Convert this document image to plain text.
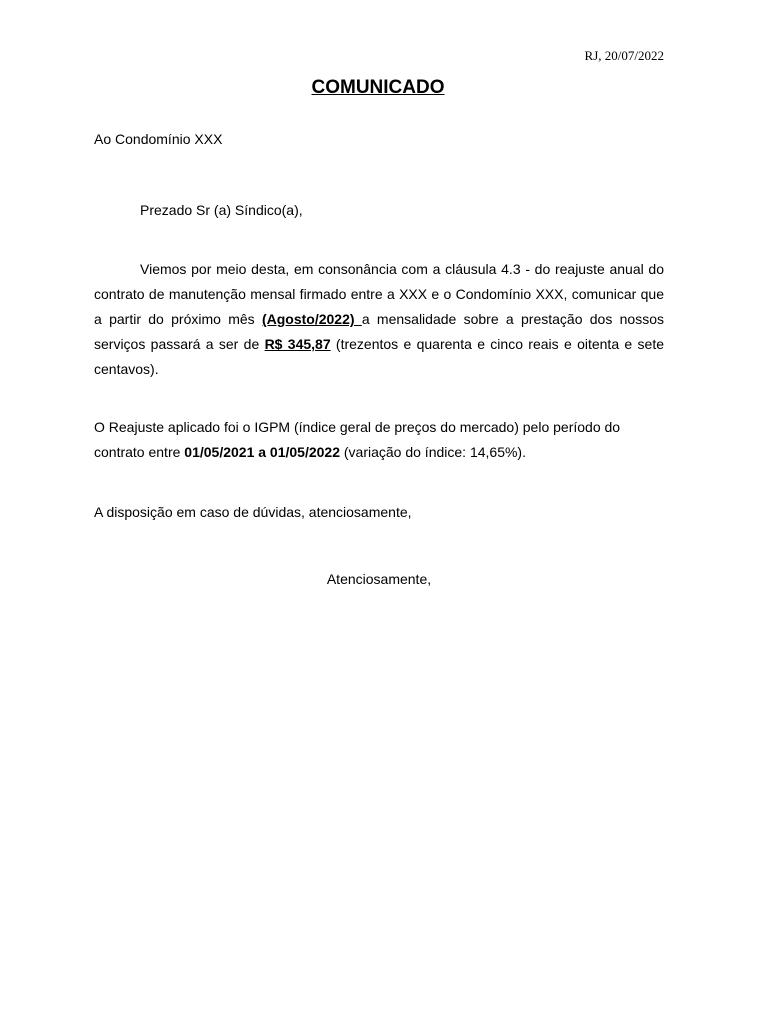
RJ, 20/07/2022
COMUNICADO
Ao Condomínio XXX
Prezado Sr (a) Síndico(a),

Viemos por meio desta, em consonância com a cláusula 4.3 - do reajuste anual do contrato de manutenção mensal firmado entre a XXX e o Condomínio XXX, comunicar que a partir do próximo mês (Agosto/2022) a mensalidade sobre a prestação dos nossos serviços passará a ser de R$ 345,87 (trezentos e quarenta e cinco reais e oitenta e sete centavos).

O Reajuste aplicado foi o IGPM (índice geral de preços do mercado) pelo período do contrato entre 01/05/2021 a 01/05/2022 (variação do índice: 14,65%).

A disposição em caso de dúvidas, atenciosamente,

Atenciosamente,
